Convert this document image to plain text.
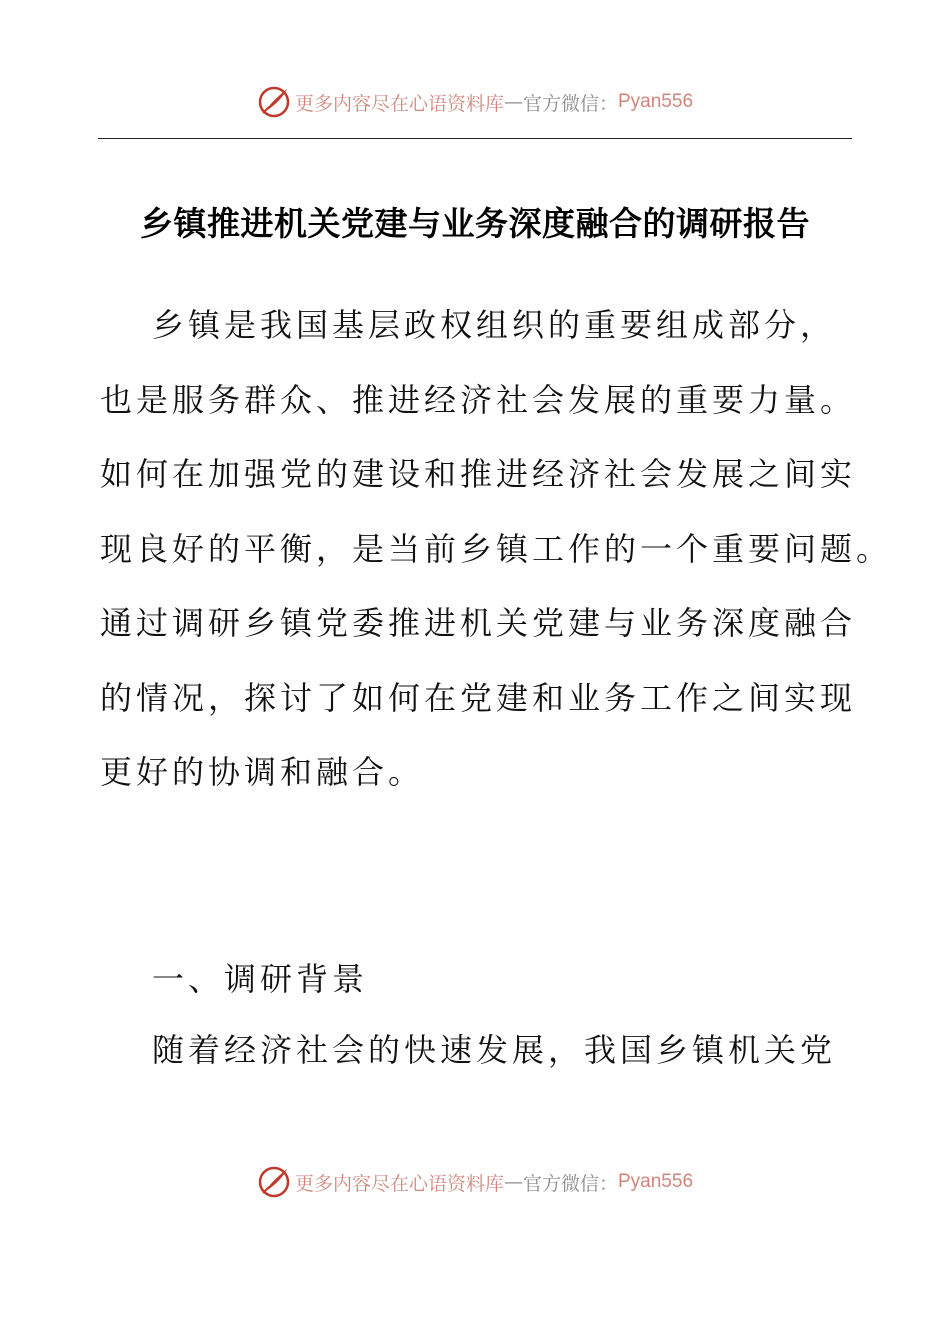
更多内容尽在心语资料库 — 官方微信： Pyan556
乡镇推进机关党建与业务深度融合的调研报告
乡镇是我国基层政权组织的重要组成部分，
也是服务群众、推进经济社会发展的重要力量。
如何在加强党的建设和推进经济社会发展之间实
现良好的平衡，是当前乡镇工作的一个重要问题。
通过调研乡镇党委推进机关党建与业务深度融合
的情况，探讨了如何在党建和业务工作之间实现
更好的协调和融合。
一、调研背景
随着经济社会的快速发展，我国乡镇机关党
更多内容尽在心语资料库 — 官方微信： Pyan556
